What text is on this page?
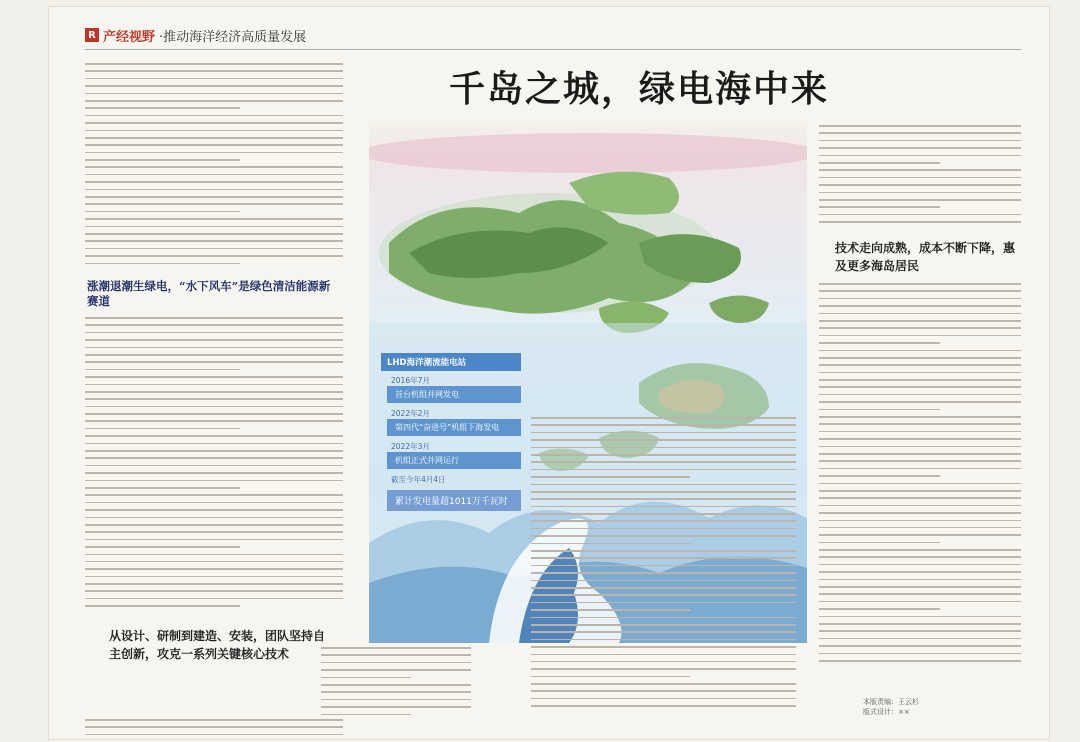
R 产经视野 ·推动海洋经济高质量发展
千岛之城，绿电海中来
涨潮退潮生绿电，“水下风车”是绿色清洁能源新赛道
从设计、研制到建造、安装，团队坚持自主创新，攻克一系列关键核心技术
LHD海洋潮流能电站
2016年7月
首台机组并网发电
2022年2月
第四代“奋进号”机组下海发电
2022年3月
机组正式并网运行
截至今年4月4日
累计发电量超1011万千瓦时
技术走向成熟，成本不断下降，惠及更多海岛居民
本版责编：王云杉
版式设计：××
